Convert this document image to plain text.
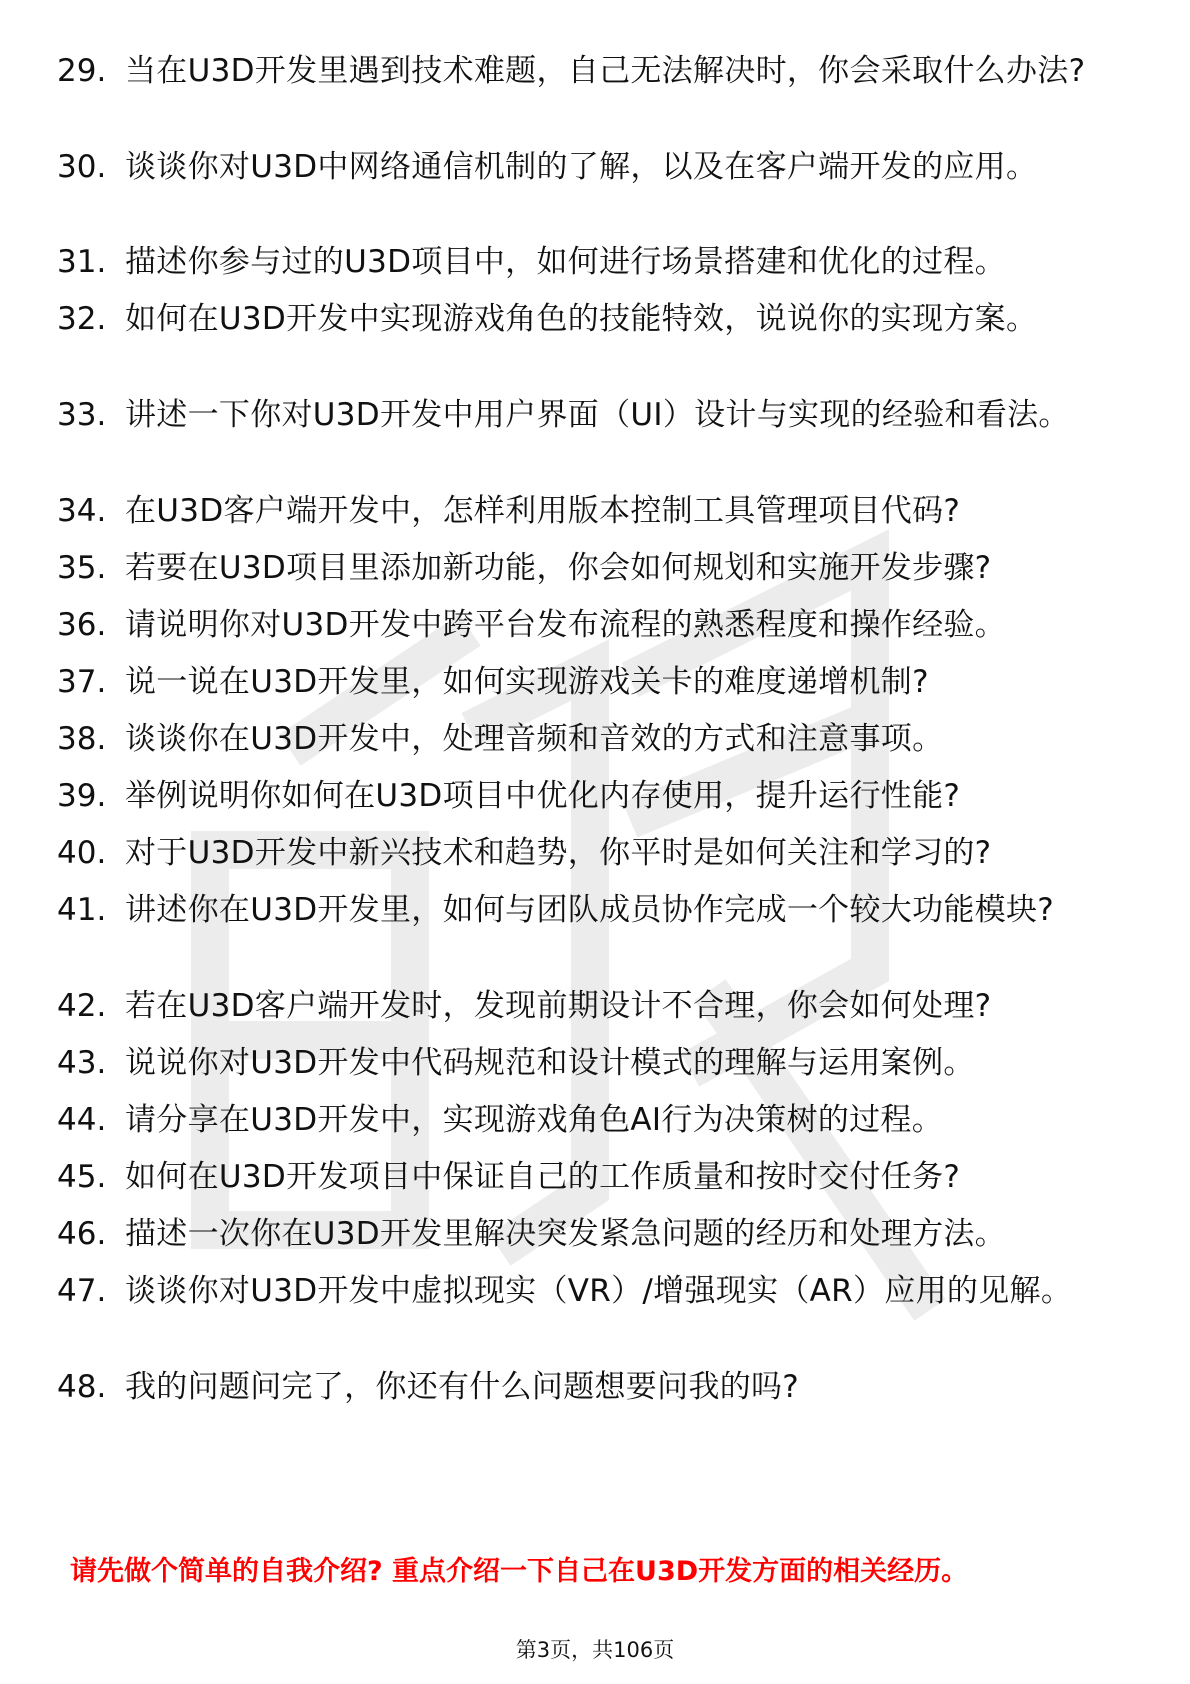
29. 当在U3D开发里遇到技术难题，自己无法解决时，你会采取什么办法?
30. 谈谈你对U3D中网络通信机制的了解，以及在客户端开发的应用。
31. 描述你参与过的U3D项目中，如何进行场景搭建和优化的过程。
32. 如何在U3D开发中实现游戏角色的技能特效，说说你的实现方案。
33. 讲述一下你对U3D开发中用户界面（UI）设计与实现的经验和看法。
34. 在U3D客户端开发中，怎样利用版本控制工具管理项目代码?
35. 若要在U3D项目里添加新功能，你会如何规划和实施开发步骤?
36. 请说明你对U3D开发中跨平台发布流程的熟悉程度和操作经验。
37. 说一说在U3D开发里，如何实现游戏关卡的难度递增机制?
38. 谈谈你在U3D开发中，处理音频和音效的方式和注意事项。
39. 举例说明你如何在U3D项目中优化内存使用，提升运行性能?
40. 对于U3D开发中新兴技术和趋势，你平时是如何关注和学习的?
41. 讲述你在U3D开发里，如何与团队成员协作完成一个较大功能模块?
42. 若在U3D客户端开发时，发现前期设计不合理，你会如何处理?
43. 说说你对U3D开发中代码规范和设计模式的理解与运用案例。
44. 请分享在U3D开发中，实现游戏角色AI行为决策树的过程。
45. 如何在U3D开发项目中保证自己的工作质量和按时交付任务?
46. 描述一次你在U3D开发里解决突发紧急问题的经历和处理方法。
47. 谈谈你对U3D开发中虚拟现实（VR）/增强现实（AR）应用的见解。
48. 我的问题问完了，你还有什么问题想要问我的吗?
请先做个简单的自我介绍? 重点介绍一下自己在U3D开发方面的相关经历。
第3页，共106页
